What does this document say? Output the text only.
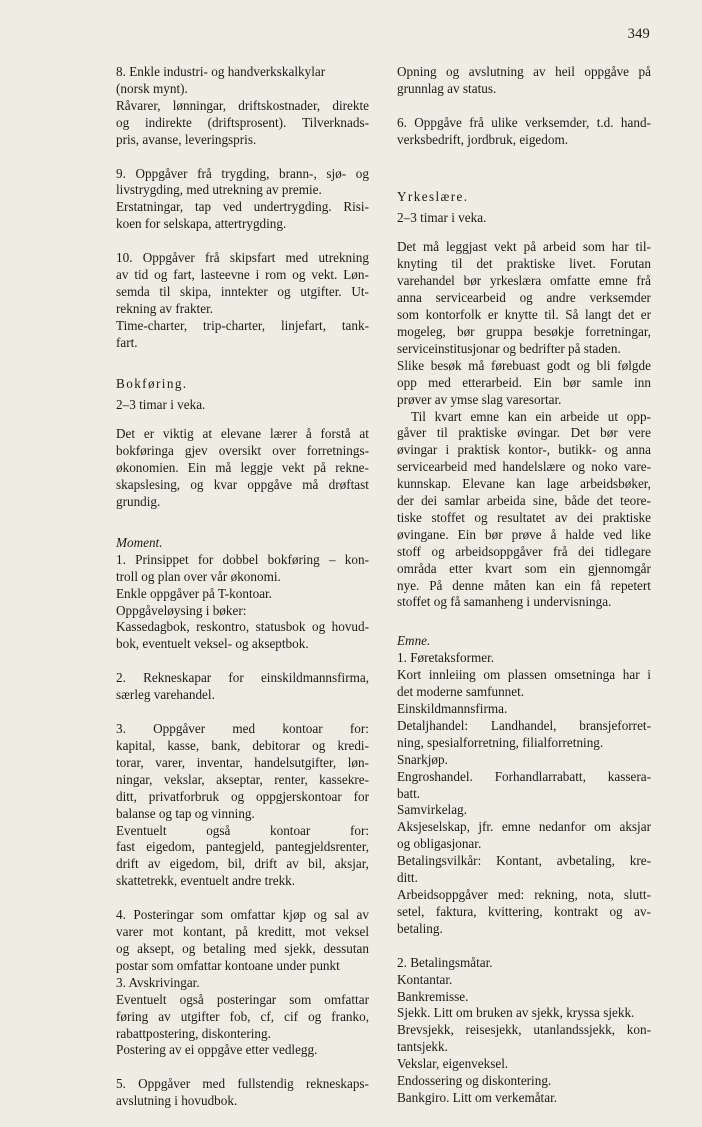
349
8. Enkle industri- og handverkskalkylar
(norsk mynt).
Råvarer, lønningar, driftskostnader, direkte
og indirekte (driftsprosent). Tilverknads-
pris, avanse, leveringspris.
9. Oppgåver frå trygding, brann-, sjø- og
livstrygding, med utrekning av premie.
Erstatningar, tap ved undertrygding. Risi-
koen for selskapa, attertrygding.
10. Oppgåver frå skipsfart med utrekning
av tid og fart, lasteevne i rom og vekt. Løn-
semda til skipa, inntekter og utgifter. Ut-
rekning av frakter.
Time-charter, trip-charter, linjefart, tank-
fart.
Bokføring.
2–3 timar i veka.
Det er viktig at elevane lærer å forstå at
bokføringa gjev oversikt over forretnings-
økonomien. Ein må leggje vekt på rekne-
skapslesing, og kvar oppgåve må drøftast
grundig.
Moment.
1. Prinsippet for dobbel bokføring – kon-
troll og plan over vår økonomi.
Enkle oppgåver på T-kontoar.
Oppgåveløysing i bøker:
Kassedagbok, reskontro, statusbok og hovud-
bok, eventuelt veksel- og akseptbok.
2. Rekneskapar for einskildmannsfirma,
særleg varehandel.
3. Oppgåver med kontoar for:
kapital, kasse, bank, debitorar og kredi-
torar, varer, inventar, handelsutgifter, løn-
ningar, vekslar, akseptar, renter, kassekre-
ditt, privatforbruk og oppgjerskontoar for
balanse og tap og vinning.
Eventuelt	også	kontoar	for:
fast eigedom, pantegjeld, pantegjeldsrenter,
drift av eigedom, bil, drift av bil, aksjar,
skattetrekk, eventuelt andre trekk.
4. Posteringar som omfattar kjøp og sal av
varer mot kontant, på kreditt, mot veksel
og aksept, og betaling med sjekk, dessutan
postar som omfattar kontoane under punkt
3. Avskrivingar.
Eventuelt også posteringar som omfattar
føring av utgifter fob, cf, cif og franko,
rabattpostering, diskontering.
Postering av ei oppgåve etter vedlegg.
5. Oppgåver med fullstendig rekneskaps-
avslutning i hovudbok.
Opning og avslutning av heil oppgåve på
grunnlag av status.
6. Oppgåve frå ulike verksemder, t.d. hand-
verksbedrift, jordbruk, eigedom.
Yrkeslære.
2–3 timar i veka.
Det må leggjast vekt på arbeid som har til-
knyting til det praktiske livet. Forutan
varehandel bør yrkeslæra omfatte emne frå
anna servicearbeid og andre verksemder
som kontorfolk er knytte til. Så langt det er
mogeleg, bør gruppa besøkje forretningar,
serviceinstitusjonar og bedrifter på staden.
Slike besøk må førebuast godt og bli følgde
opp med etterarbeid. Ein bør samle inn
prøver av ymse slag varesortar.
Til kvart emne kan ein arbeide ut opp-
gåver til praktiske øvingar. Det bør vere
øvingar i praktisk kontor-, butikk- og anna
servicearbeid med handelslære og noko vare-
kunnskap. Elevane kan lage arbeidsbøker,
der dei samlar arbeida sine, både det teore-
tiske stoffet og resultatet av dei praktiske
øvingane. Ein bør prøve å halde ved like
stoff og arbeidsoppgåver frå dei tidlegare
områda etter kvart som ein gjennomgår
nye. På denne måten kan ein få repetert
stoffet og få samanheng i undervisninga.
Emne.
1. Føretaksformer.
Kort innleiing om plassen omsetninga har i
det moderne samfunnet.
Einskildmannsfirma.
Detaljhandel: Landhandel, bransjeforret-
ning, spesialforretning, filialforretning.
Snarkjøp.
Engroshandel. Forhandlarrabatt, kassera-
batt.
Samvirkelag.
Aksjeselskap, jfr. emne nedanfor om aksjar
og obligasjonar.
Betalingsvilkår: Kontant, avbetaling, kre-
ditt.
Arbeidsoppgåver med: rekning, nota, slutt-
setel, faktura, kvittering, kontrakt og av-
betaling.
2. Betalingsmåtar.
Kontantar.
Bankremisse.
Sjekk. Litt om bruken av sjekk, kryssa sjekk.
Brevsjekk, reisesjekk, utanlandssjekk, kon-
tantsjekk.
Vekslar, eigenveksel.
Endossering og diskontering.
Bankgiro. Litt om verkemåtar.
